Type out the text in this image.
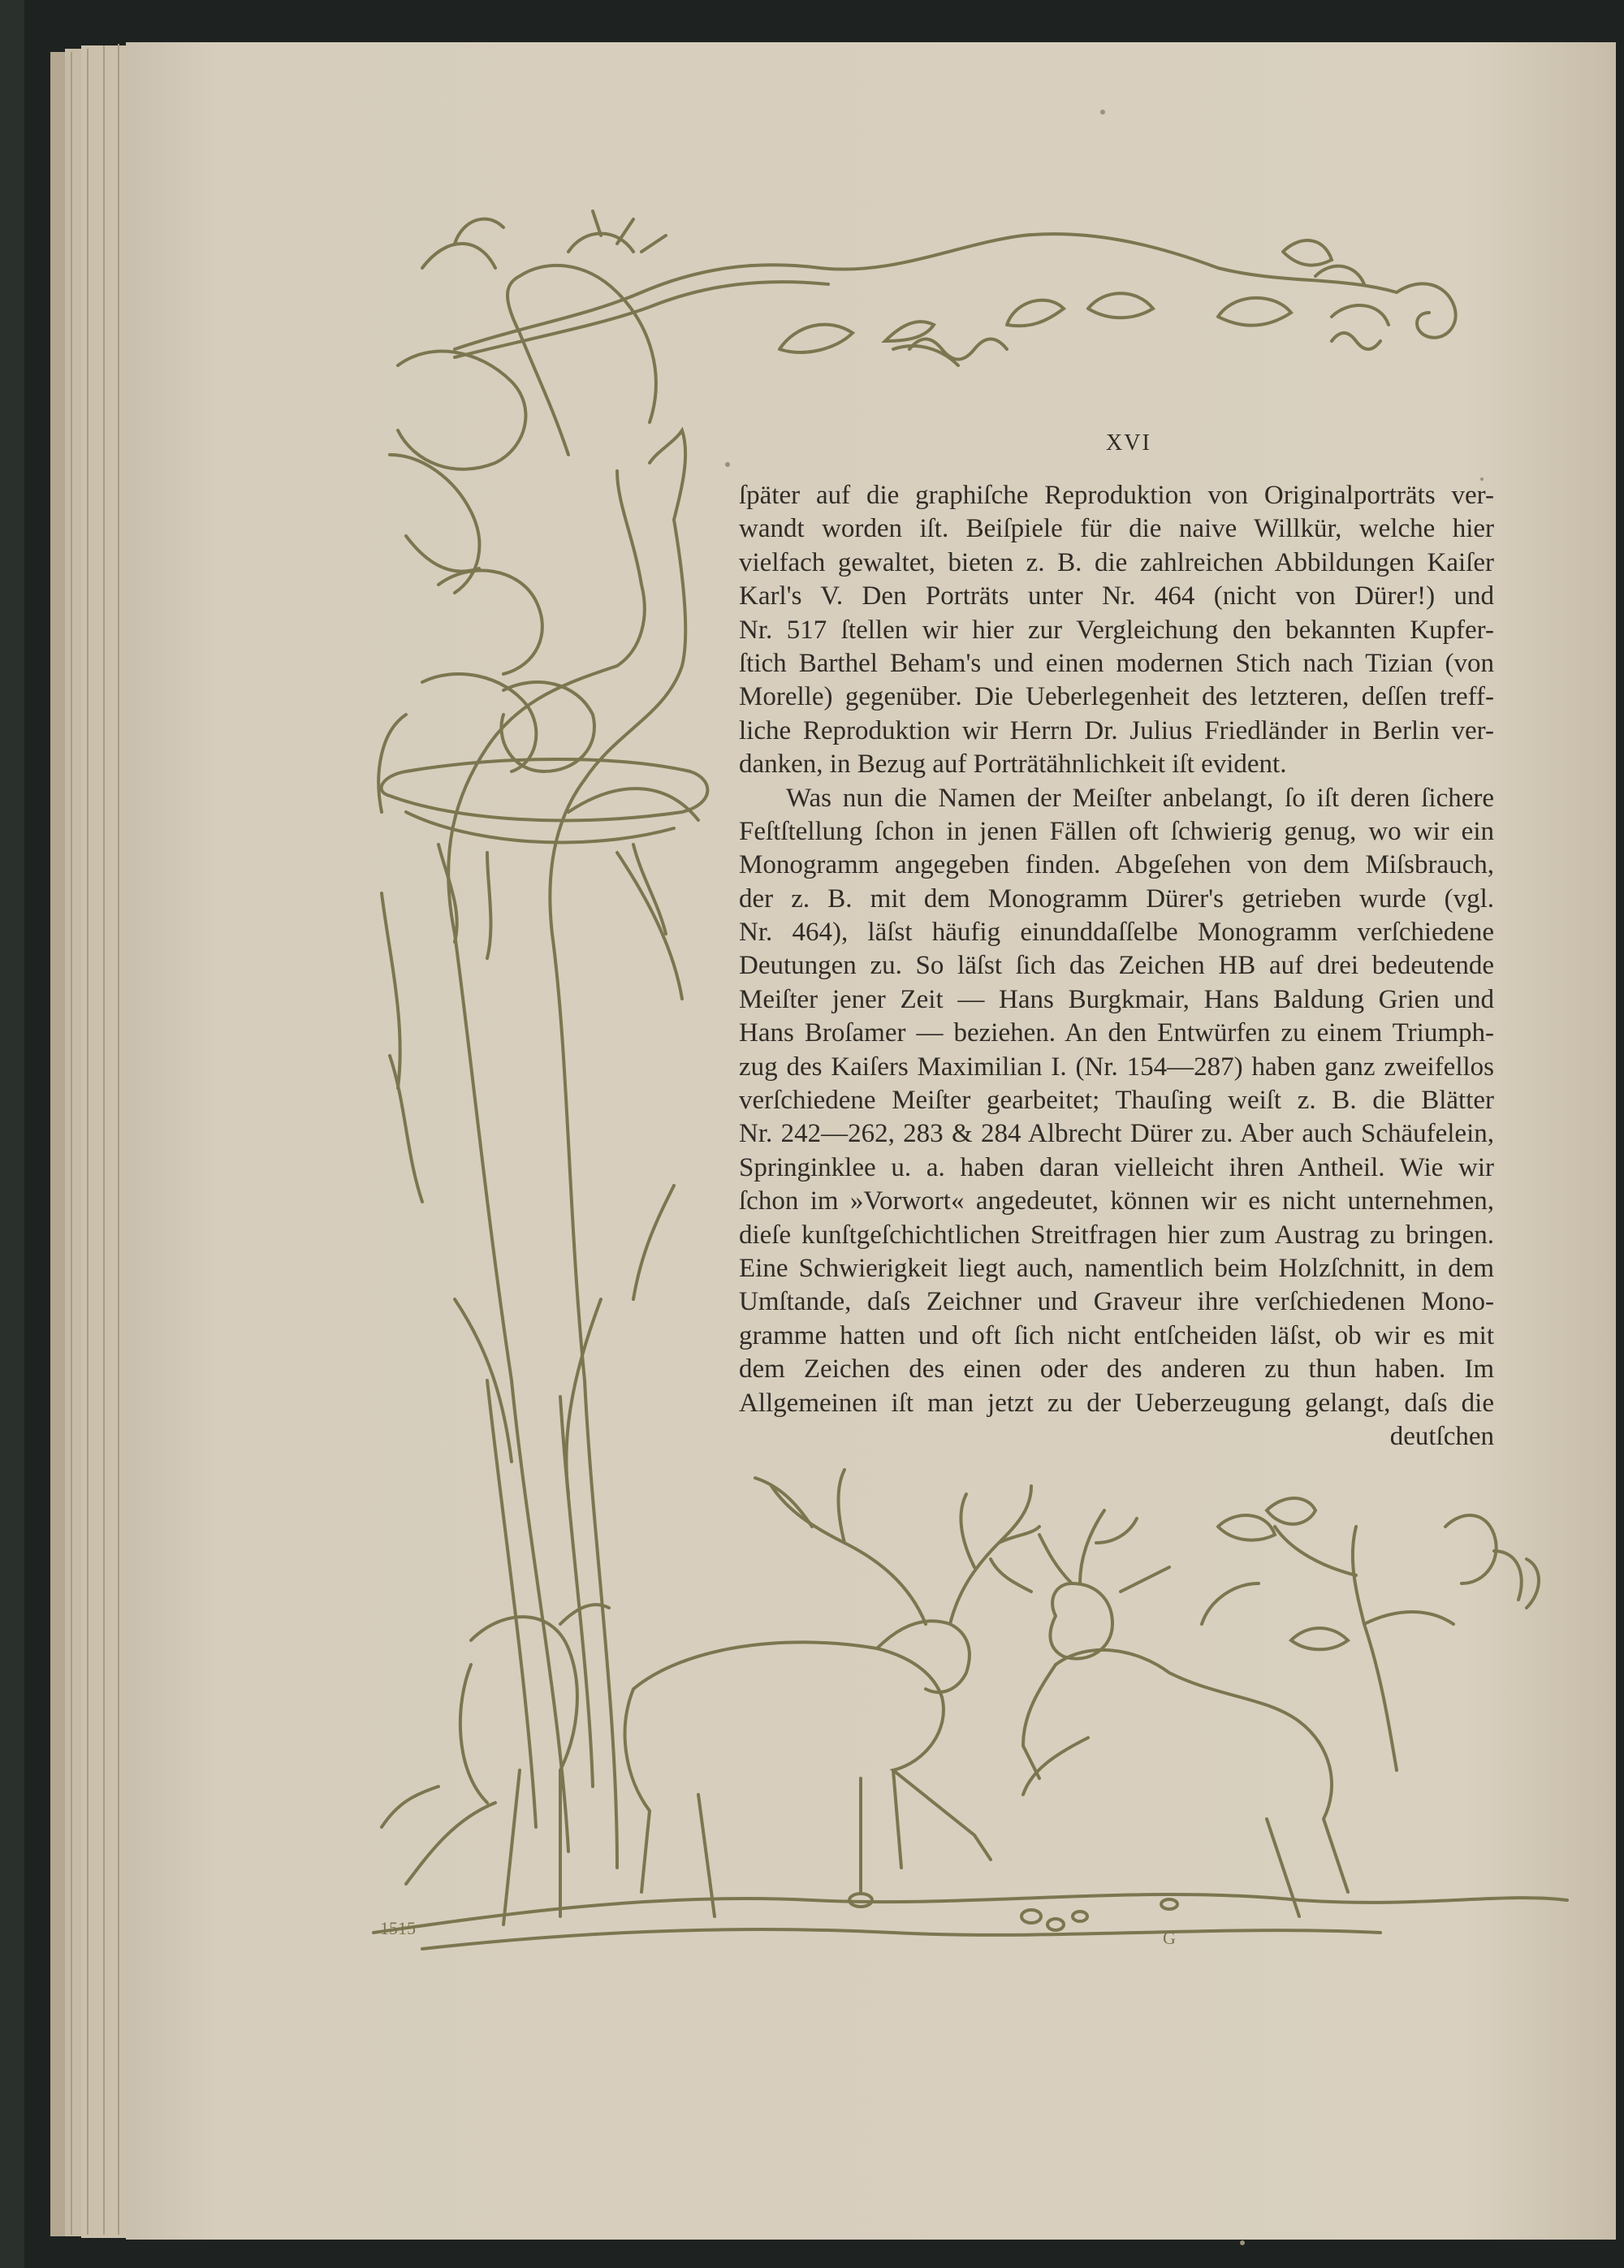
XVI
1515	G
ſpäter auf die graphiſche Reproduktion von Originalporträts ver-
wandt worden iſt. Beiſpiele für die naive Willkür, welche hier
vielfach gewaltet, bieten z. B. die zahlreichen Abbildungen Kaiſer
Karl's V. Den Porträts unter Nr. 464 (nicht von Dürer!) und
Nr. 517 ſtellen wir hier zur Vergleichung den bekannten Kupfer-
ſtich Barthel Beham's und einen modernen Stich nach Tizian (von
Morelle) gegenüber. Die Ueberlegenheit des letzteren, deſſen treff-
liche Reproduktion wir Herrn Dr. Julius Friedländer in Berlin ver-
danken, in Bezug auf Porträtähnlichkeit iſt evident.
Was nun die Namen der Meiſter anbelangt, ſo iſt deren ſichere
Feſtſtellung ſchon in jenen Fällen oft ſchwierig genug, wo wir ein
Monogramm angegeben finden. Abgeſehen von dem Miſsbrauch,
der z. B. mit dem Monogramm Dürer's getrieben wurde (vgl.
Nr. 464), läſst häufig einunddaſſelbe Monogramm verſchiedene
Deutungen zu. So läſst ſich das Zeichen HB auf drei bedeutende
Meiſter jener Zeit — Hans Burgkmair, Hans Baldung Grien und
Hans Broſamer — beziehen. An den Entwürfen zu einem Triumph-
zug des Kaiſers Maximilian I. (Nr. 154—287) haben ganz zweifellos
verſchiedene Meiſter gearbeitet; Thauſing weiſt z. B. die Blätter
Nr. 242—262, 283 & 284 Albrecht Dürer zu. Aber auch Schäufelein,
Springinklee u. a. haben daran vielleicht ihren Antheil. Wie wir
ſchon im »Vorwort« angedeutet, können wir es nicht unternehmen,
dieſe kunſtgeſchichtlichen Streitfragen hier zum Austrag zu bringen.
Eine Schwierigkeit liegt auch, namentlich beim Holzſchnitt, in dem
Umſtande, daſs Zeichner und Graveur ihre verſchiedenen Mono-
gramme hatten und oft ſich nicht entſcheiden läſst, ob wir es mit
dem Zeichen des einen oder des anderen zu thun haben. Im
Allgemeinen iſt man jetzt zu der Ueberzeugung gelangt, daſs die
deutſchen
